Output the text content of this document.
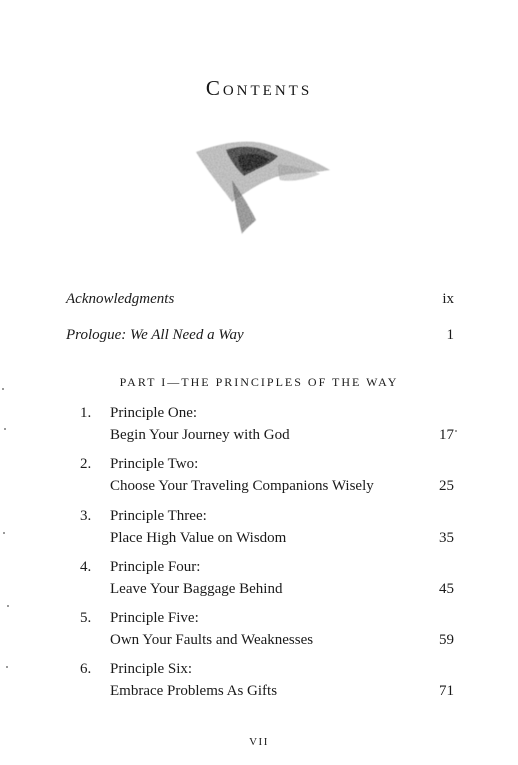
Contents
Acknowledgments	ix
Prologue: We All Need a Way	1
PART I—THE PRINCIPLES OF THE WAY
1. Principle One:
Begin Your Journey with God	17
2. Principle Two:
Choose Your Traveling Companions Wisely	25
3. Principle Three:
Place High Value on Wisdom	35
4. Principle Four:
Leave Your Baggage Behind	45
5. Principle Five:
Own Your Faults and Weaknesses	59
6. Principle Six:
Embrace Problems As Gifts	71
VII
